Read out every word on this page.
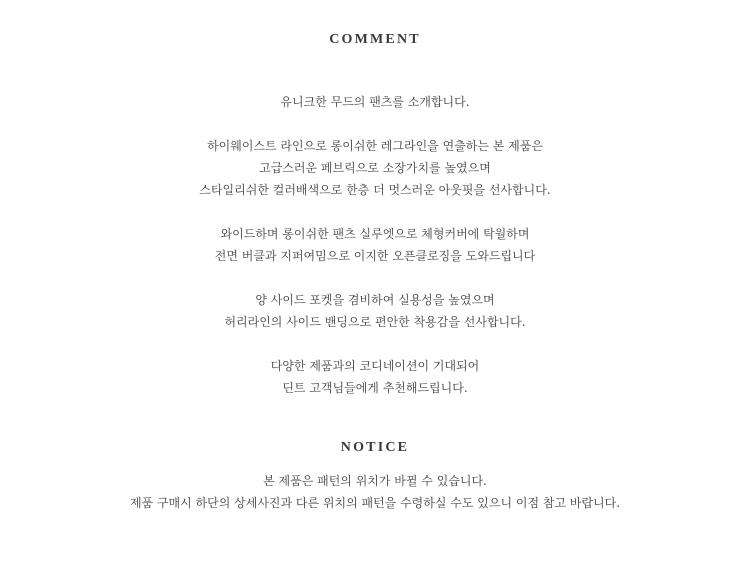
COMMENT
유니크한 무드의 팬츠를 소개합니다.
하이웨이스트 라인으로 롱이쉬한 레그라인을 연출하는 본 제품은
고급스러운 페브릭으로 소장가치를 높였으며
스타일리쉬한 컬러배색으로 한층 더 멋스러운 아웃핏을 선사합니다.
와이드하며 롱이쉬한 팬츠 실루엣으로 체형커버에 탁월하며
전면 버클과 지퍼여밈으로 이지한 오픈클로징을 도와드립니다
양 사이드 포켓을 겸비하여 실용성을 높였으며
허리라인의 사이드 밴딩으로 편안한 착용감을 선사합니다.
다양한 제품과의 코디네이션이 기대되어
딘트 고객님들에게 추천해드립니다.
NOTICE
본 제품은 패턴의 위치가 바뀔 수 있습니다.
제품 구매시 하단의 상세사진과 다른 위치의 패턴을 수령하실 수도 있으니 이점 참고 바랍니다.
